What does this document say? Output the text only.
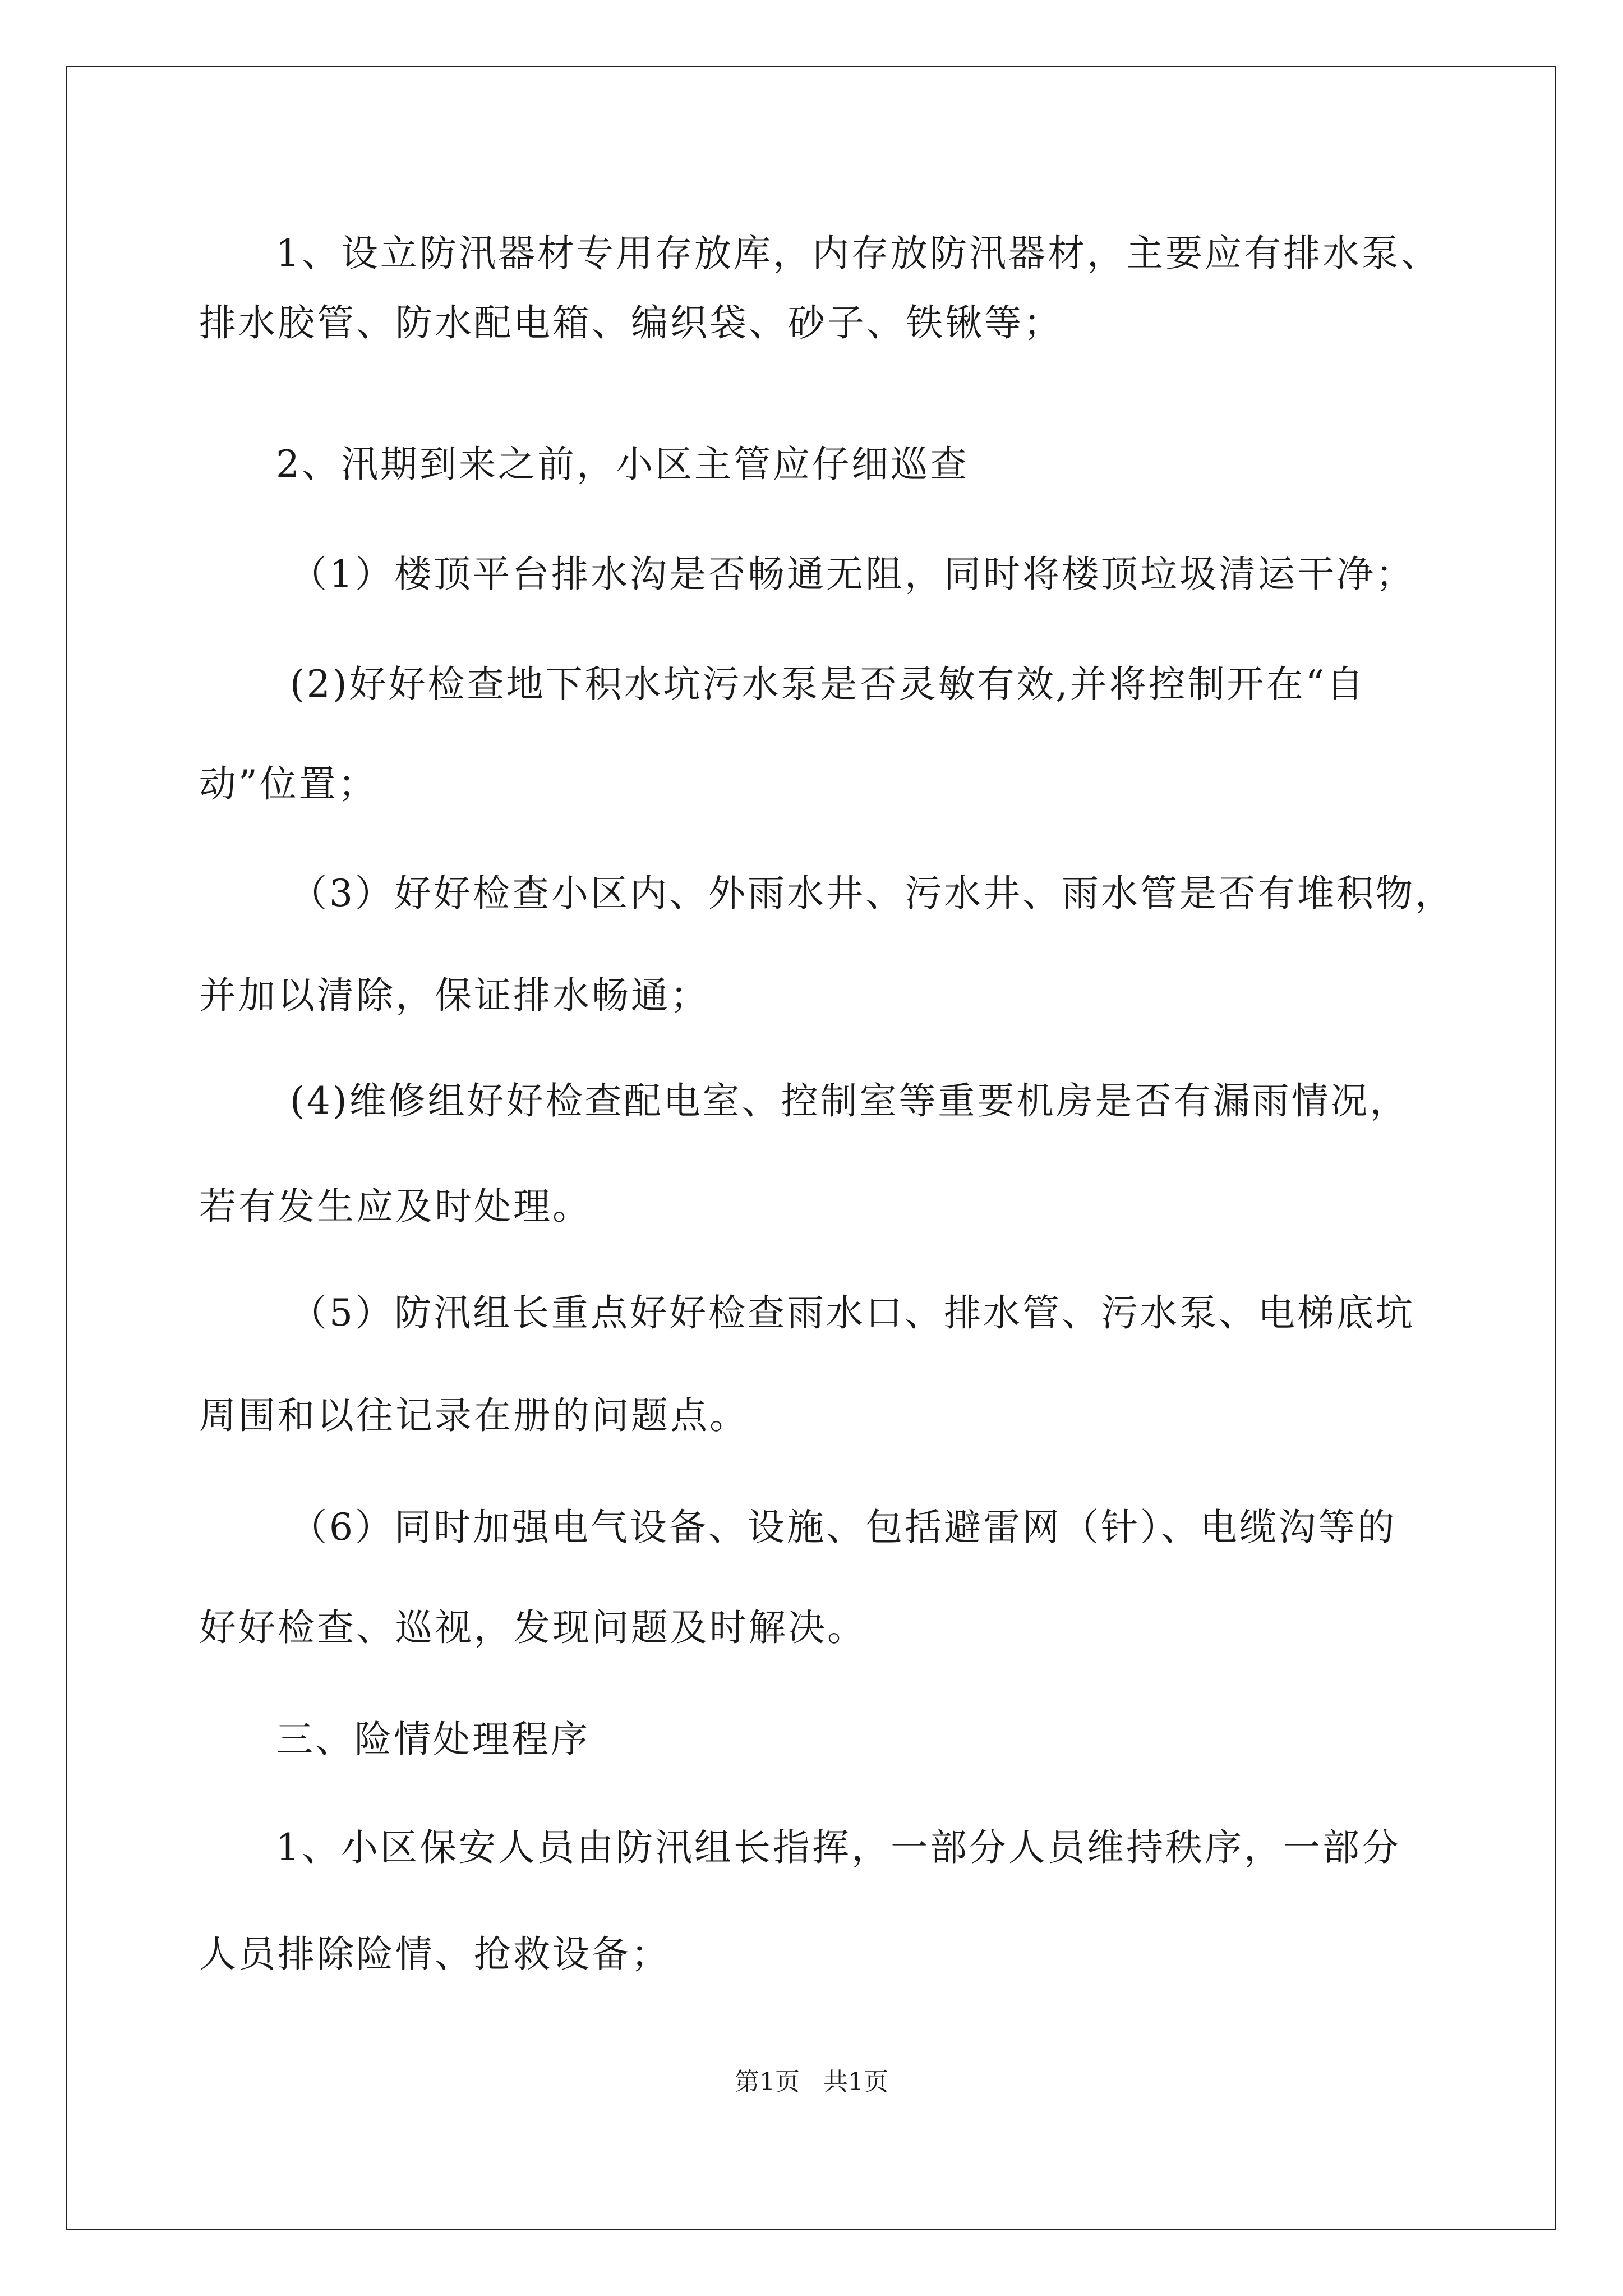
1、设立防汛器材专用存放库，内存放防汛器材，主要应有排水泵、
排水胶管、防水配电箱、编织袋、砂子、铁锹等；
2、汛期到来之前，小区主管应仔细巡查
（1）楼顶平台排水沟是否畅通无阻，同时将楼顶垃圾清运干净；
(2)好好检查地下积水坑污水泵是否灵敏有效,并将控制开在“自
动”位置；
（3）好好检查小区内、外雨水井、污水井、雨水管是否有堆积物，
并加以清除，保证排水畅通；
(4)维修组好好检查配电室、控制室等重要机房是否有漏雨情况，
若有发生应及时处理。
（5）防汛组长重点好好检查雨水口、排水管、污水泵、电梯底坑
周围和以往记录在册的问题点。
（6）同时加强电气设备、设施、包括避雷网（针）、电缆沟等的
好好检查、巡视，发现问题及时解决。
三、险情处理程序
1、小区保安人员由防汛组长指挥，一部分人员维持秩序，一部分
人员排除险情、抢救设备；
第1页   共1页
